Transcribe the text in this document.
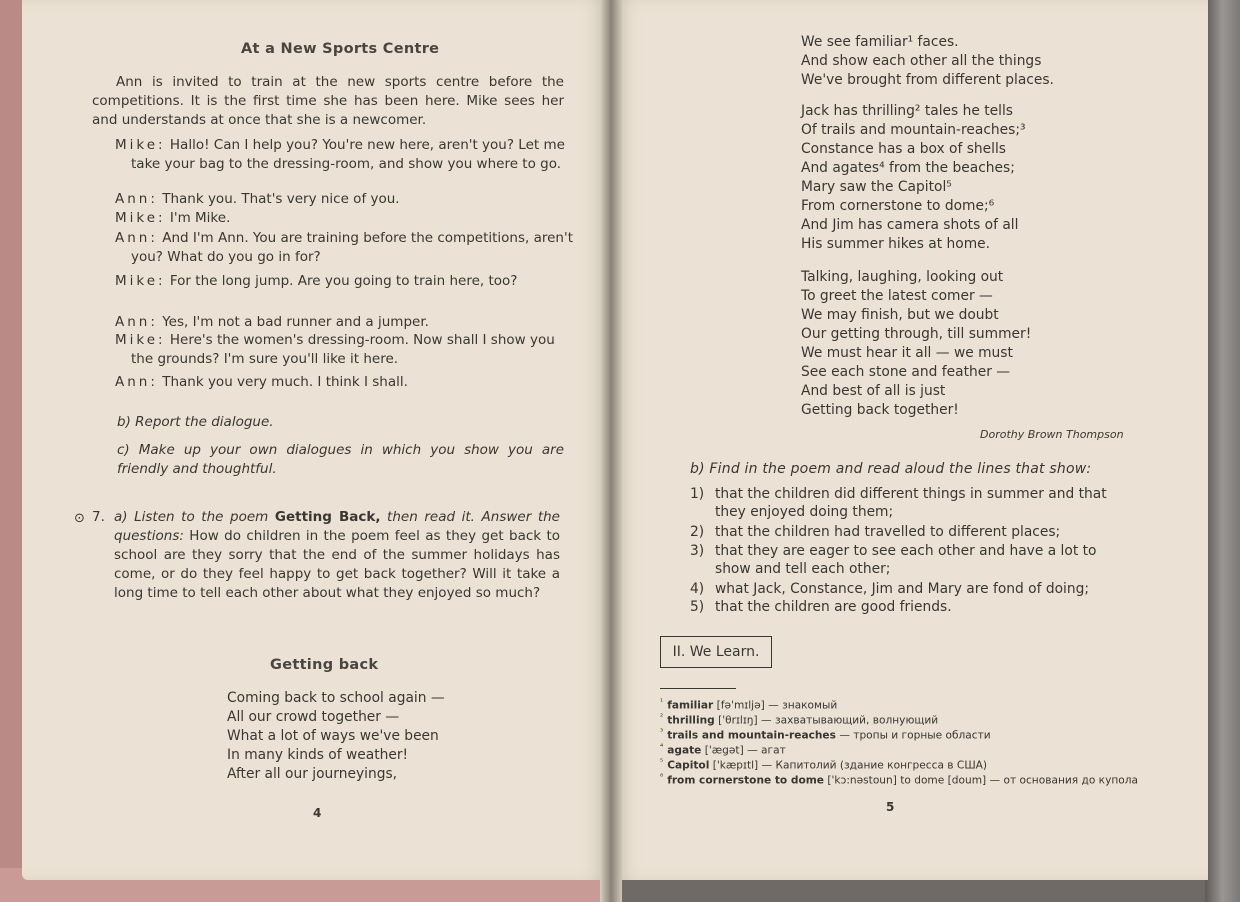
At a New Sports Centre
Ann is invited to train at the new sports centre before the competitions. It is the first time she has been here. Mike sees her and understands at once that she is a newcomer.
Mike: Hallo! Can I help you? You're new here, aren't you? Let me take your bag to the dressing-room, and show you where to go.
Ann: Thank you. That's very nice of you.
Mike: I'm Mike.
Ann: And I'm Ann. You are training before the competitions, aren't you? What do you go in for?
Mike: For the long jump. Are you going to train here, too?
Ann: Yes, I'm not a bad runner and a jumper.
Mike: Here's the women's dressing-room. Now shall I show you the grounds? I'm sure you'll like it here.
Ann: Thank you very much. I think I shall.
b) Report the dialogue.
c) Make up your own dialogues in which you show you are friendly and thoughtful.
⊙ 7. a) Listen to the poem Getting Back, then read it. Answer the questions: How do children in the poem feel as they get back to school are they sorry that the end of the summer holidays has come, or do they feel happy to get back together? Will it take a long time to tell each other about what they enjoyed so much?
Getting back
Coming back to school again —
All our crowd together —
What a lot of ways we've been
In many kinds of weather!
After all our journeyings,
4
We see familiar¹ faces.
And show each other all the things
We've brought from different places.
Jack has thrilling² tales he tells
Of trails and mountain-reaches;³
Constance has a box of shells
And agates⁴ from the beaches;
Mary saw the Capitol⁵
From cornerstone to dome;⁶
And Jim has camera shots of all
His summer hikes at home.
Talking, laughing, looking out
To greet the latest comer —
We may finish, but we doubt
Our getting through, till summer!
We must hear it all — we must
See each stone and feather —
And best of all is just
Getting back together!
Dorothy Brown Thompson
b) Find in the poem and read aloud the lines that show:
1) that the children did different things in summer and that
they enjoyed doing them;
2) that the children had travelled to different places;
3) that they are eager to see each other and have a lot to
show and tell each other;
4) what Jack, Constance, Jim and Mary are fond of doing;
5) that the children are good friends.
II. We Learn.
$^{^1}$ familiar [fə'mɪljə] — знакомый
$^{^2}$ thrilling ['θrɪlɪŋ] — захватывающий, волнующий
$^{^3}$ trails and mountain-reaches — тропы и горные области
$^{^4}$ agate ['ægət] — агат
$^{^5}$ Capitol ['kæpɪtl] — Капитолий (здание конгресса в США)
$^{^6}$ from cornerstone to dome ['kɔ:nəstoun] to dome [doum] — от основания до купола
5
